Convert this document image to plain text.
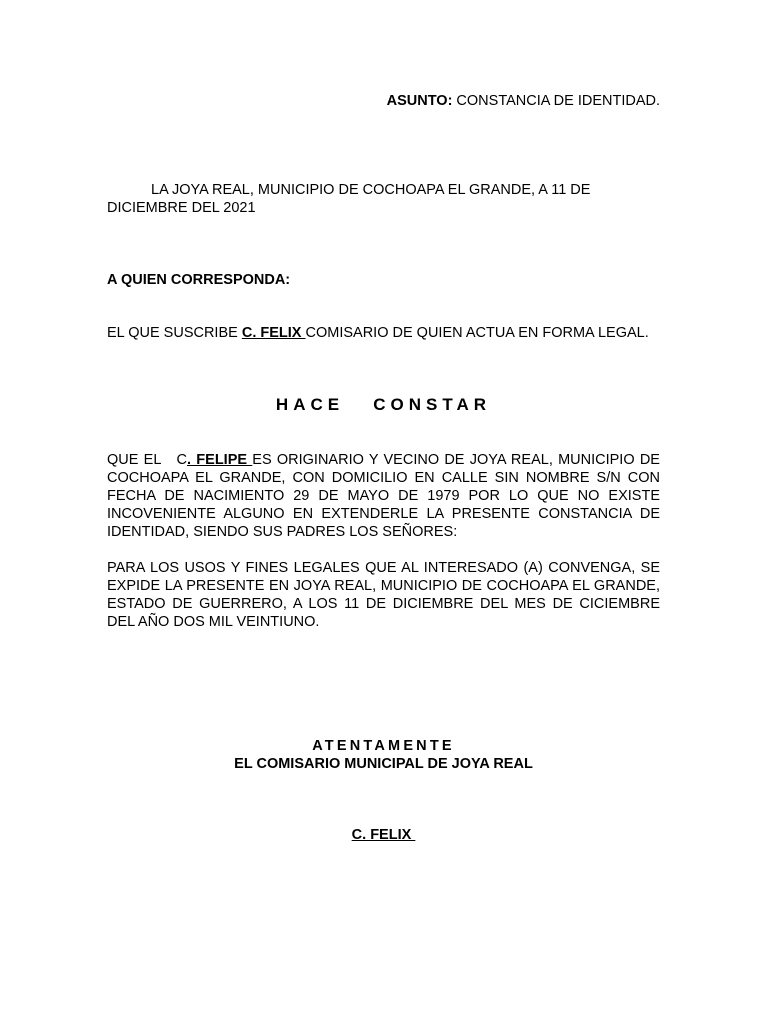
ASUNTO: CONSTANCIA DE IDENTIDAD.
LA JOYA REAL, MUNICIPIO DE COCHOAPA EL GRANDE, A 11 DE
DICIEMBRE DEL 2021
A QUIEN CORRESPONDA:
EL QUE SUSCRIBE C. FELIX COMISARIO DE QUIEN ACTUA EN FORMA LEGAL.
HACE   CONSTAR
QUE EL   C. FELIPE ES ORIGINARIO Y VECINO DE JOYA REAL, MUNICIPIO DE COCHOAPA EL GRANDE, CON DOMICILIO EN CALLE SIN NOMBRE S/N CON FECHA DE NACIMIENTO 29 DE MAYO DE 1979 POR LO QUE NO EXISTE INCOVENIENTE ALGUNO EN EXTENDERLE LA PRESENTE CONSTANCIA DE IDENTIDAD, SIENDO SUS PADRES LOS SEÑORES:
PARA LOS USOS Y FINES LEGALES QUE AL INTERESADO (A) CONVENGA, SE EXPIDE LA PRESENTE EN JOYA REAL, MUNICIPIO DE COCHOAPA EL GRANDE, ESTADO DE GUERRERO, A LOS 11 DE DICIEMBRE DEL MES DE CICIEMBRE DEL AÑO DOS MIL VEINTIUNO.
ATENTAMENTE
EL COMISARIO MUNICIPAL DE JOYA REAL
C. FELIX
